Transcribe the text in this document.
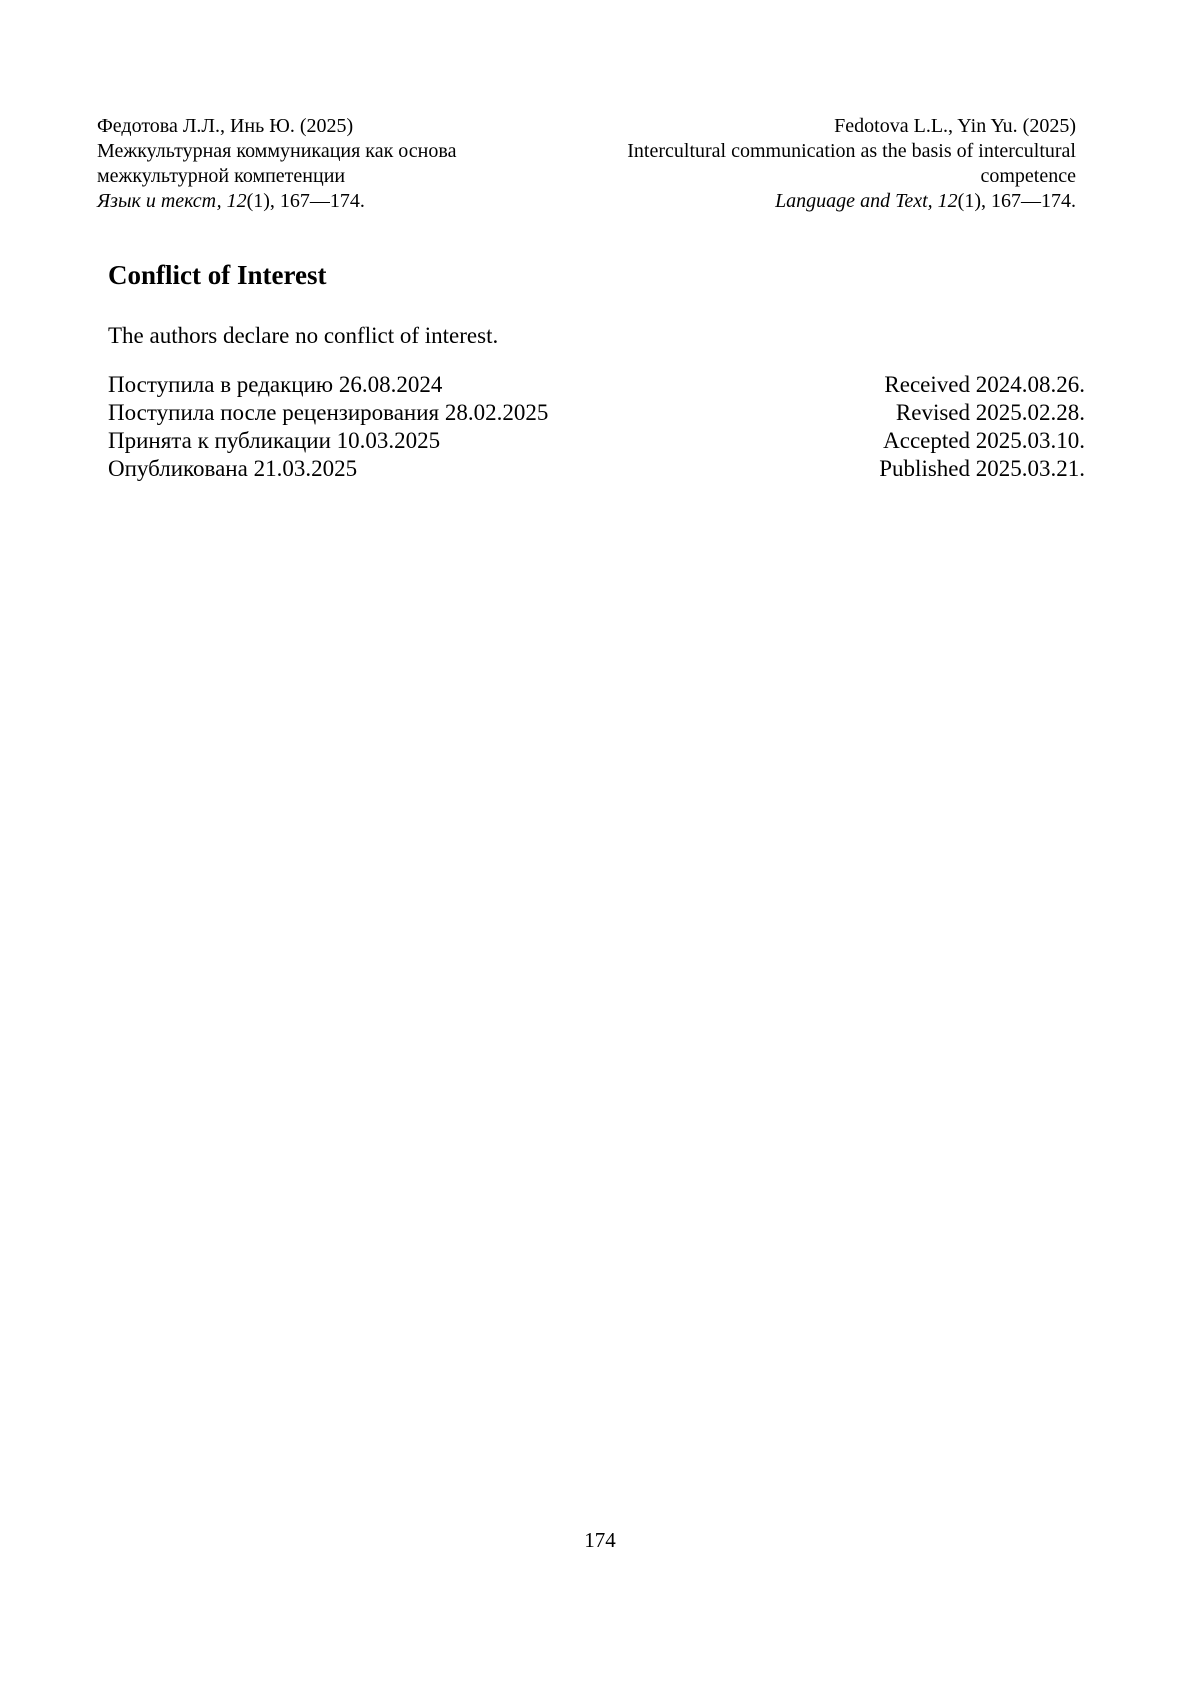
Федотова Л.Л., Инь Ю. (2025)
Межкультурная коммуникация как основа
межкультурной компетенции
Язык и текст, 12(1), 167—174.
Fedotova L.L., Yin Yu. (2025)
Intercultural communication as the basis of intercultural
competence
Language and Text, 12(1), 167—174.
Conflict of Interest

The authors declare no conflict of interest.

Поступила в редакцию 26.08.2024
Поступила после рецензирования 28.02.2025
Принята к публикации 10.03.2025
Опубликована 21.03.2025
Received 2024.08.26.
Revised 2025.02.28.
Accepted 2025.03.10.
Published 2025.03.21.
174
